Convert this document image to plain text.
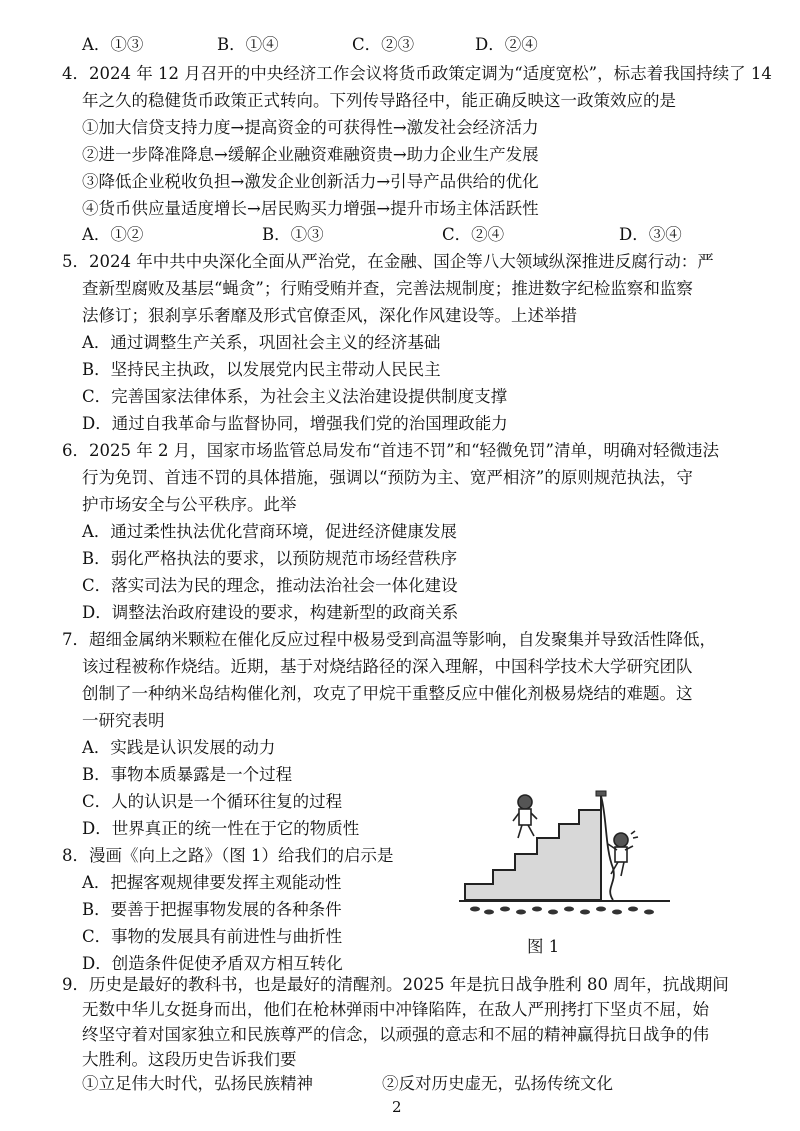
A．①③	B．①④	C．②③	D．②④
4．2024 年 12 月召开的中央经济工作会议将货币政策定调为“适度宽松”，标志着我国持续了 14
年之久的稳健货币政策正式转向。下列传导路径中，能正确反映这一政策效应的是
①加大信贷支持力度→提高资金的可获得性→激发社会经济活力
②进一步降准降息→缓解企业融资难融资贵→助力企业生产发展
③降低企业税收负担→激发企业创新活力→引导产品供给的优化
④货币供应量适度增长→居民购买力增强→提升市场主体活跃性
A．①②	B．①③	C．②④	D．③④
5．2024 年中共中央深化全面从严治党，在金融、国企等八大领域纵深推进反腐行动：严
查新型腐败及基层“蝇贪”；行贿受贿并查，完善法规制度；推进数字纪检监察和监察
法修订；狠刹享乐奢靡及形式官僚歪风，深化作风建设等。上述举措
A．通过调整生产关系，巩固社会主义的经济基础
B．坚持民主执政，以发展党内民主带动人民民主
C．完善国家法律体系，为社会主义法治建设提供制度支撑
D．通过自我革命与监督协同，增强我们党的治国理政能力
6．2025 年 2 月，国家市场监管总局发布“首违不罚”和“轻微免罚”清单，明确对轻微违法
行为免罚、首违不罚的具体措施，强调以“预防为主、宽严相济”的原则规范执法，守
护市场安全与公平秩序。此举
A．通过柔性执法优化营商环境，促进经济健康发展
B．弱化严格执法的要求，以预防规范市场经营秩序
C．落实司法为民的理念，推动法治社会一体化建设
D．调整法治政府建设的要求，构建新型的政商关系
7．超细金属纳米颗粒在催化反应过程中极易受到高温等影响，自发聚集并导致活性降低，
该过程被称作烧结。近期，基于对烧结路径的深入理解，中国科学技术大学研究团队
创制了一种纳米岛结构催化剂，攻克了甲烷干重整反应中催化剂极易烧结的难题。这
一研究表明
A．实践是认识发展的动力
B．事物本质暴露是一个过程
C．人的认识是一个循环往复的过程
D．世界真正的统一性在于它的物质性
8．漫画《向上之路》（图 1）给我们的启示是
A．把握客观规律要发挥主观能动性
B．要善于把握事物发展的各种条件
C．事物的发展具有前进性与曲折性
D．创造条件促使矛盾双方相互转化
图 1
9．历史是最好的教科书，也是最好的清醒剂。2025 年是抗日战争胜利 80 周年，抗战期间
无数中华儿女挺身而出，他们在枪林弹雨中冲锋陷阵，在敌人严刑拷打下坚贞不屈，始
终坚守着对国家独立和民族尊严的信念，以顽强的意志和不屈的精神赢得抗日战争的伟
大胜利。这段历史告诉我们要
2
①立足伟大时代，弘扬民族精神	②反对历史虚无，弘扬传统文化
